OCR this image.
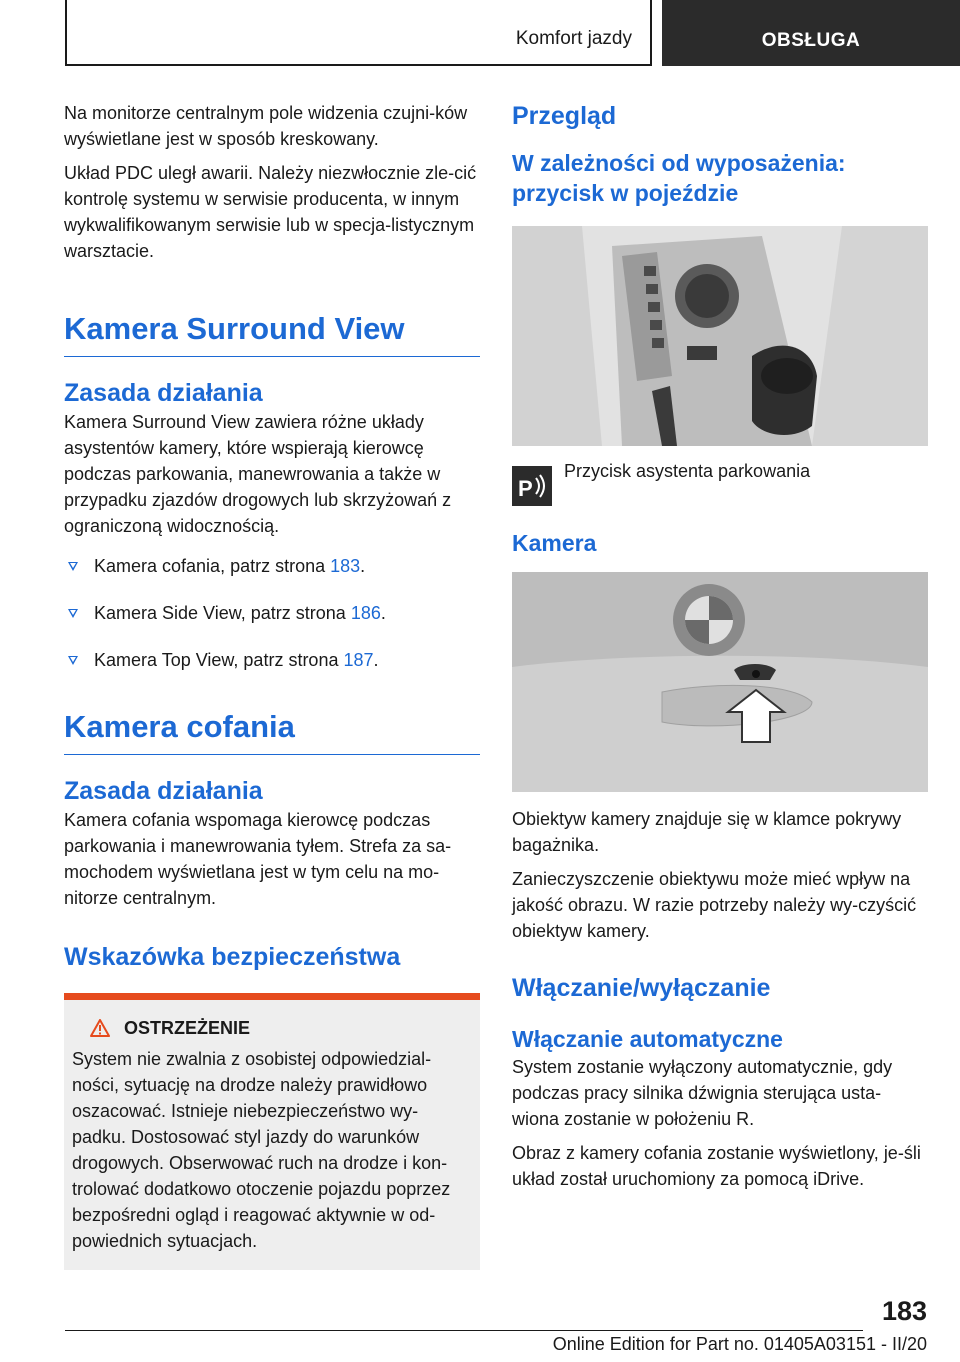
Komfort jazdy	OBSŁUGA

Na monitorze centralnym pole widzenia czujni-ków wyświetlane jest w sposób kreskowany.

Układ PDC uległ awarii. Należy niezwłocznie zle-cić kontrolę systemu w serwisie producenta, w innym wykwalifikowanym serwisie lub w specja-listycznym warsztacie.

Kamera Surround View
Zasada działania

Kamera Surround View zawiera różne układy asystentów kamery, które wspierają kierowcę podczas parkowania, manewrowania a także w przypadku zjazdów drogowych lub skrzyżowań z ograniczoną widocznością.

Kamera cofania, patrz strona 183.
Kamera Side View, patrz strona 186.
Kamera Top View, patrz strona 187.
Kamera cofania
Zasada działania

Kamera cofania wspomaga kierowcę podczas parkowania i manewrowania tyłem. Strefa za sa-mochodem wyświetlana jest w tym celu na mo-nitorze centralnym.

Wskazówka bezpieczeństwa
OSTRZEŻENIE

System nie zwalnia z osobistej odpowiedzial-ności, sytuację na drodze należy prawidłowo oszacować. Istnieje niebezpieczeństwo wy-padku. Dostosować styl jazdy do warunków drogowych. Obserwować ruch na drodze i kon-trolować dodatkowo otoczenie pojazdu poprzez bezpośredni ogląd i reagować aktywnie w od-powiednich sytuacjach.

Przegląd
W zależności od wyposażenia: przycisk w pojeździe
P

Przycisk asystenta parkowania

Kamera

Obiektyw kamery znajduje się w klamce pokrywy bagażnika.

Zanieczyszczenie obiektywu może mieć wpływ na jakość obrazu. W razie potrzeby należy wy-czyścić obiektyw kamery.

Włączanie/wyłączanie
Włączanie automatyczne

System zostanie wyłączony automatycznie, gdy podczas pracy silnika dźwignia sterująca usta-wiona zostanie w położeniu R.

Obraz z kamery cofania zostanie wyświetlony, je-śli układ został uruchomiony za pomocą iDrive.

183
Online Edition for Part no. 01405A03151 - II/20
